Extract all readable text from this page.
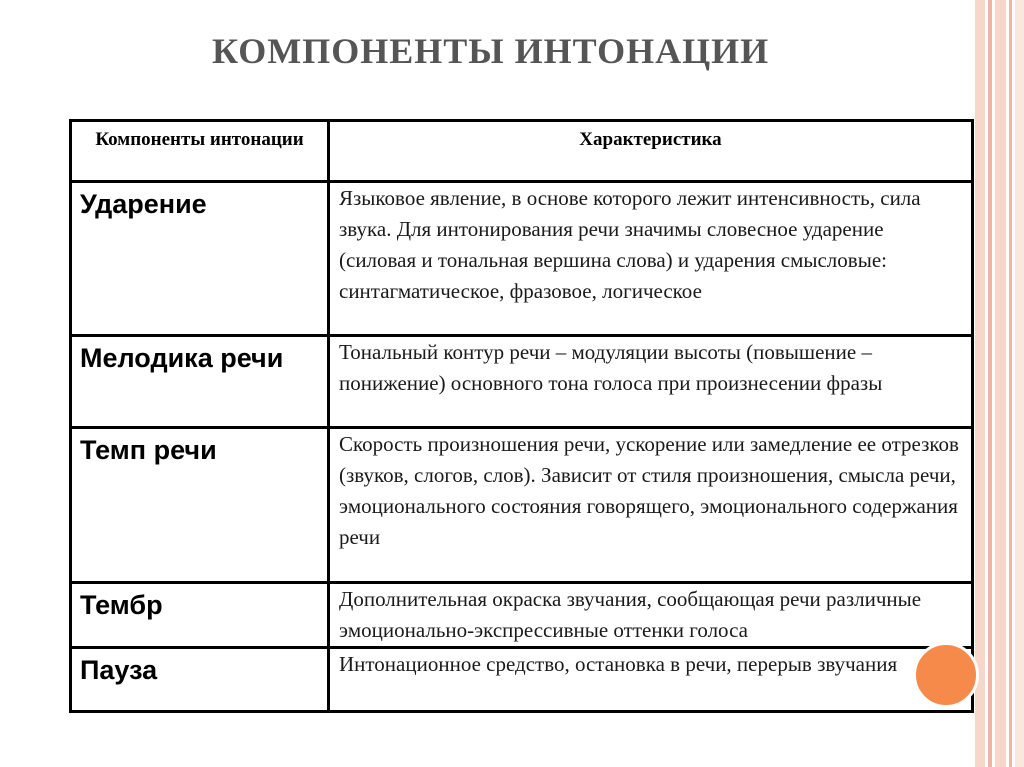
КОМПОНЕНТЫ ИНТОНАЦИИ
Компоненты интонации	Характеристика

Ударение	Языковое явление, в основе которого лежит интенсивность, сила звука. Для интонирования речи значимы словесное ударение (силовая и тональная вершина слова) и ударения смысловые: синтагматическое, фразовое, логическое

Мелодика речи	Тональный контур речи – модуляции высоты (повышение – понижение) основного тона голоса при произнесении фразы

Темп речи	Скорость произношения речи, ускорение или замедление ее отрезков (звуков, слогов, слов). Зависит от стиля произношения, смысла речи, эмоционального состояния говорящего, эмоционального содержания речи

Тембр	Дополнительная окраска звучания, сообщающая речи различные эмоционально-экспрессивные оттенки голоса

Пауза	Интонационное средство, остановка в речи, перерыв звучания
